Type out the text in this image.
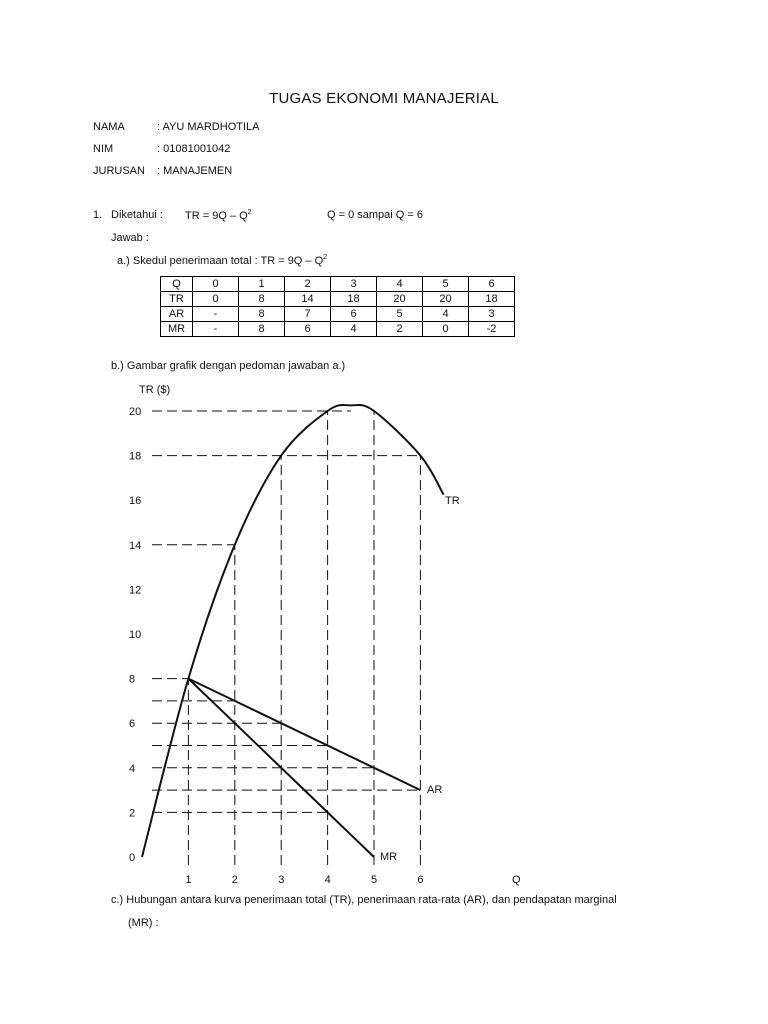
TUGAS EKONOMI MANAJERIAL
NAMA	: AYU MARDHOTILA
NIM	: 01081001042
JURUSAN : MANAJEMEN
1. Diketahui : TR = $9Q - Q^2$	Q = 0 sampai Q = 6
Jawab :
a.) Skedul penerimaan total : TR = $9Q - Q^2$
Q	0	1	2	3	4	5	6
TR	0	8	14	18	20	20	18
AR	-	8	7	6	5	4	3
MR	-	8	6	4	2	0	-2
b.) Gambar grafik dengan pedoman jawaban a.)
TR ($)
0
2
4
6
8
10
12
14
16
18
20
1	2	3	4	5	6	Q
TR
AR
MR
c.) Hubungan antara kurva penerimaan total (TR), penerimaan rata-rata (AR), dan pendapatan marginal
(MR) :
